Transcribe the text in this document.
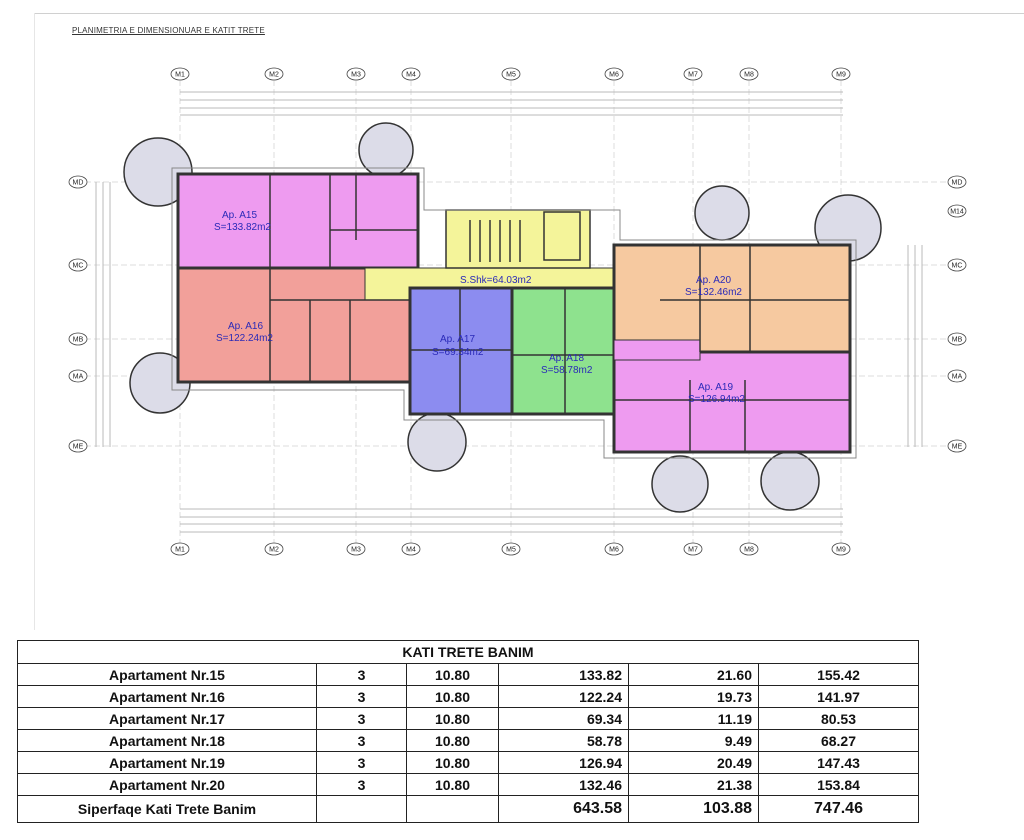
PLANIMETRIA E DIMENSIONUAR E KATIT TRETE
M1
M1
M2
M2
M3
M3
M4
M4
M5
M5
M6
M6
M7
M7
M8
M8
M9
M9
MD	MD
MC	MC
MB	MB
MA	MA
ME	ME
M14
Ap. A15
S=133.82m2
Ap. A16
S=122.24m2	Ap. A17
S=69.34m2
Ap. A18
S=58.78m2
Ap. A19
S=126.94m2
Ap. A20
S=132.46m2
S.Shk=64.03m2
KATI TRETE BANIM					
Apartament Nr.15	3	10.80	133.82	21.60	155.42
Apartament Nr.16	3	10.80	122.24	19.73	141.97
Apartament Nr.17	3	10.80	69.34	11.19	80.53
Apartament Nr.18	3	10.80	58.78	9.49	68.27
Apartament Nr.19	3	10.80	126.94	20.49	147.43
Apartament Nr.20	3	10.80	132.46	21.38	153.84
Siperfaqe Kati Trete Banim			643.58	103.88	747.46
